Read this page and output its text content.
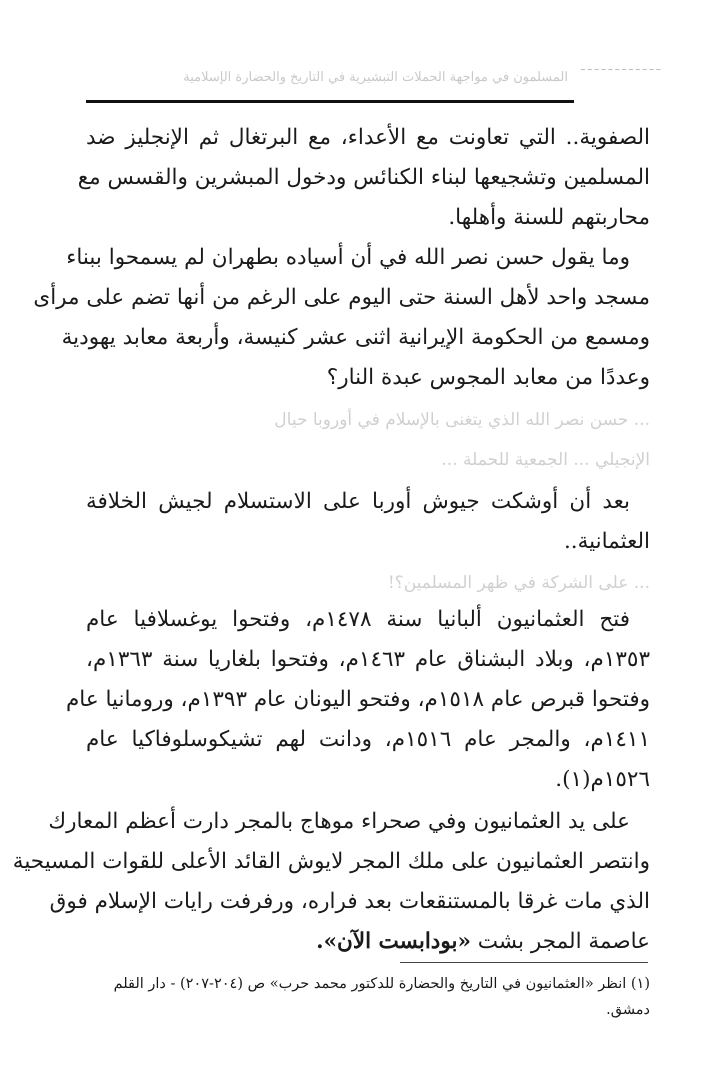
المسلمون في مواجهة الحملات التبشيرية في التاريخ والحضارة الإسلامية ~~~~~~~~~~~~
الصفوية.. التي تعاونت مع الأعداء، مع البرتغال ثم الإنجليز ضد
المسلمين وتشجيعها لبناء الكنائس ودخول المبشرين والقسس مع
محاربتهم للسنة وأهلها.
وما يقول حسن نصر الله في أن أسياده بطهران لم يسمحوا ببناء
مسجد واحد لأهل السنة حتى اليوم على الرغم من أنها تضم على مرأى
ومسمع من الحكومة الإيرانية اثنى عشر كنيسة، وأربعة معابد يهودية
وعددًا من معابد المجوس عبدة النار؟
... حسن نصر الله الذي يتغنى بالإسلام في أوروبا حيال
الإنجيلي ... الجمعية للحملة ...
بعد أن أوشكت جيوش أوربا على الاستسلام لجيش الخلافة
العثمانية..
... على الشركة في ظهر المسلمين؟!
فتح العثمانيون ألبانيا سنة ١٤٧٨م، وفتحوا يوغسلافيا عام
١٣٥٣م، وبلاد البشناق عام ١٤٦٣م، وفتحوا بلغاريا سنة ١٣٦٣م،
وفتحوا قبرص عام ١٥١٨م، وفتحو اليونان عام ١٣٩٣م، ورومانيا عام
١٤١١م، والمجر عام ١٥١٦م، ودانت لهم تشيكوسلوفاكيا عام
١٥٢٦م(١).
على يد العثمانيون وفي صحراء موهاج بالمجر دارت أعظم المعارك
وانتصر العثمانيون على ملك المجر لايوش القائد الأعلى للقوات المسيحية
الذي مات غرقا بالمستنقعات بعد فراره، ورفرفت رايات الإسلام فوق
عاصمة المجر بشت «بودابست الآن».
(١) انظر «العثمانيون في التاريخ والحضارة للدكتور محمد حرب» ص (٢٠٤-٢٠٧) - دار القلم
دمشق.
